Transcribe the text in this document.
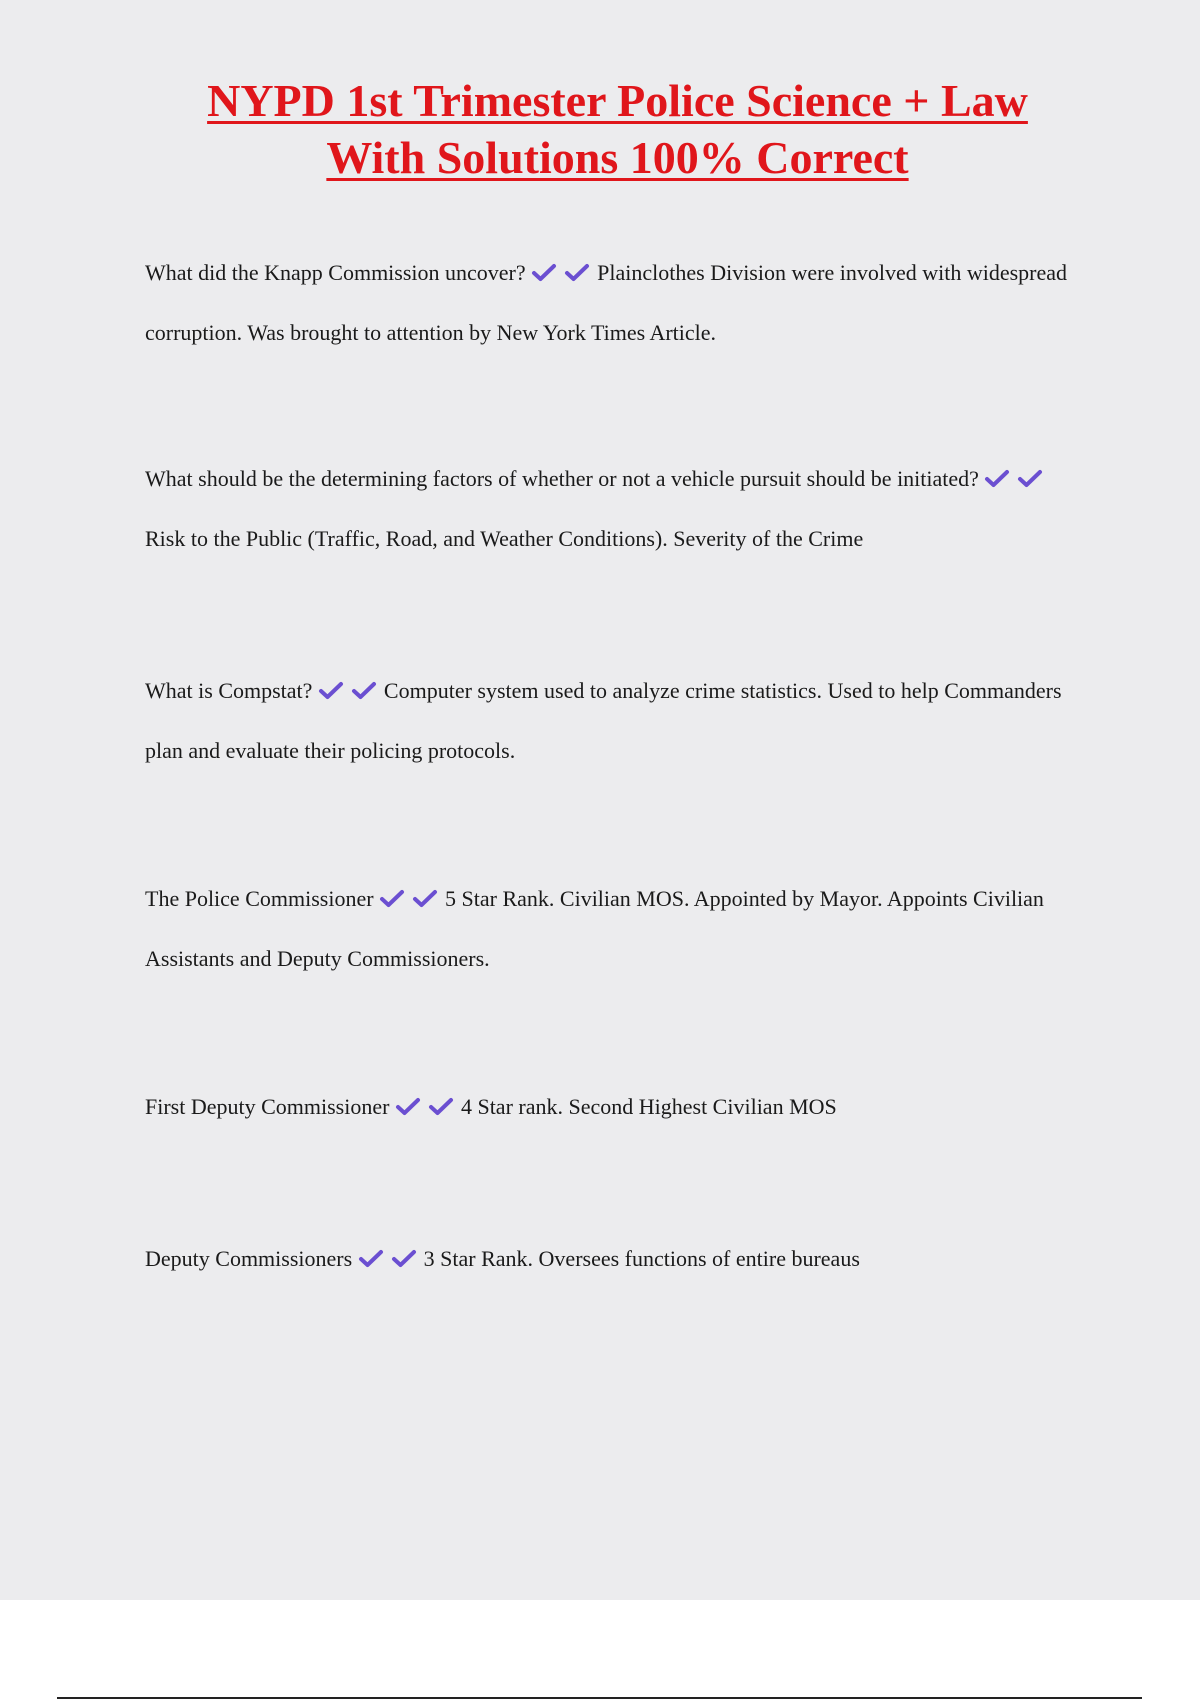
NYPD 1st Trimester Police Science + Law
With Solutions 100% Correct

What did the Knapp Commission uncover?	Plainclothes Division were involved with widespread corruption. Was brought to attention by New York Times Article.

What should be the determining factors of whether or not a vehicle pursuit should be initiated?
Risk to the Public (Traffic, Road, and Weather Conditions). Severity of the Crime

What is Compstat?	Computer system used to analyze crime statistics. Used to help Commanders plan and evaluate their policing protocols.

The Police Commissioner	5 Star Rank. Civilian MOS. Appointed by Mayor. Appoints Civilian Assistants and Deputy Commissioners.

First Deputy Commissioner	4 Star rank. Second Highest Civilian MOS

Deputy Commissioners	3 Star Rank. Oversees functions of entire bureaus
